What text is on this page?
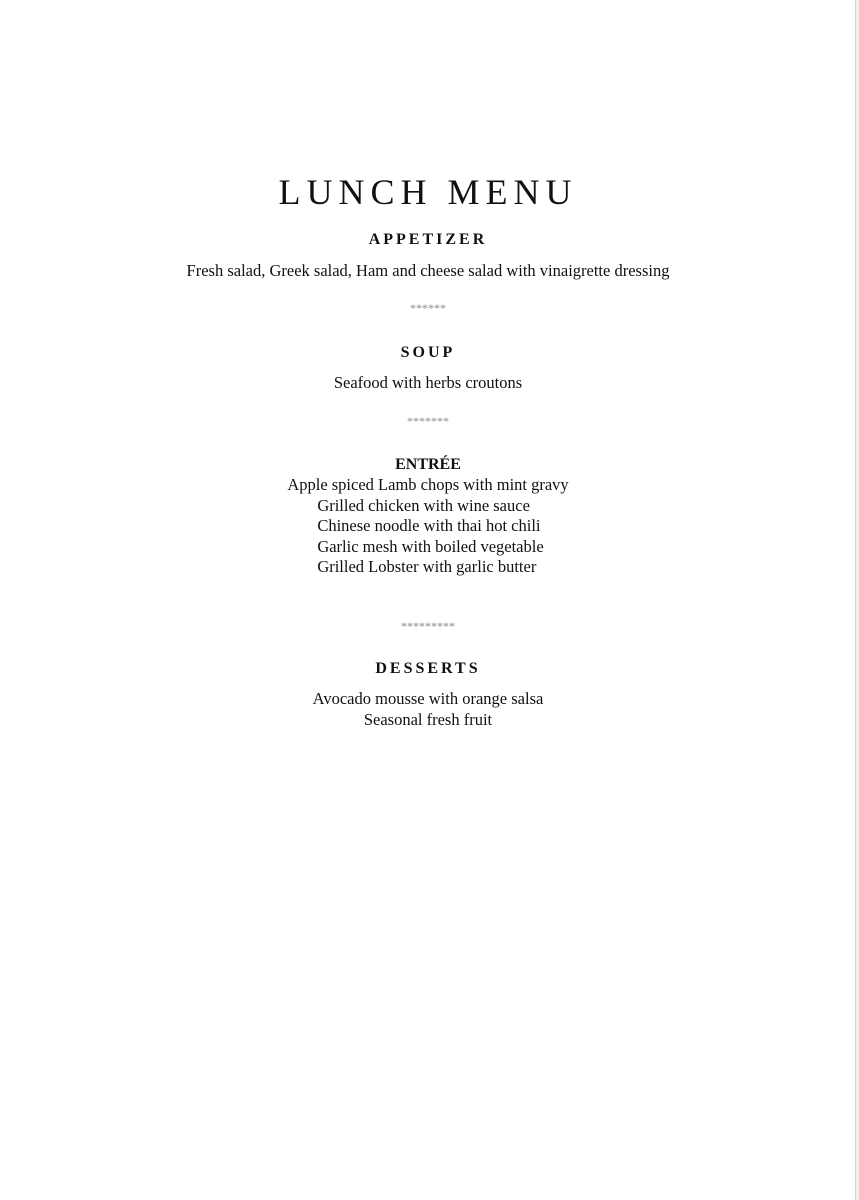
LUNCH MENU
APPETIZER
Fresh salad, Greek salad, Ham and cheese salad with vinaigrette dressing
******
SOUP
Seafood with herbs croutons
*******
ENTRÉE
Apple spiced Lamb chops with mint gravy
Grilled chicken with wine sauce
Chinese noodle with thai hot chili
Garlic mesh with boiled vegetable
Grilled Lobster with garlic butter
*********
DESSERTS
Avocado mousse with orange salsa
Seasonal fresh fruit
